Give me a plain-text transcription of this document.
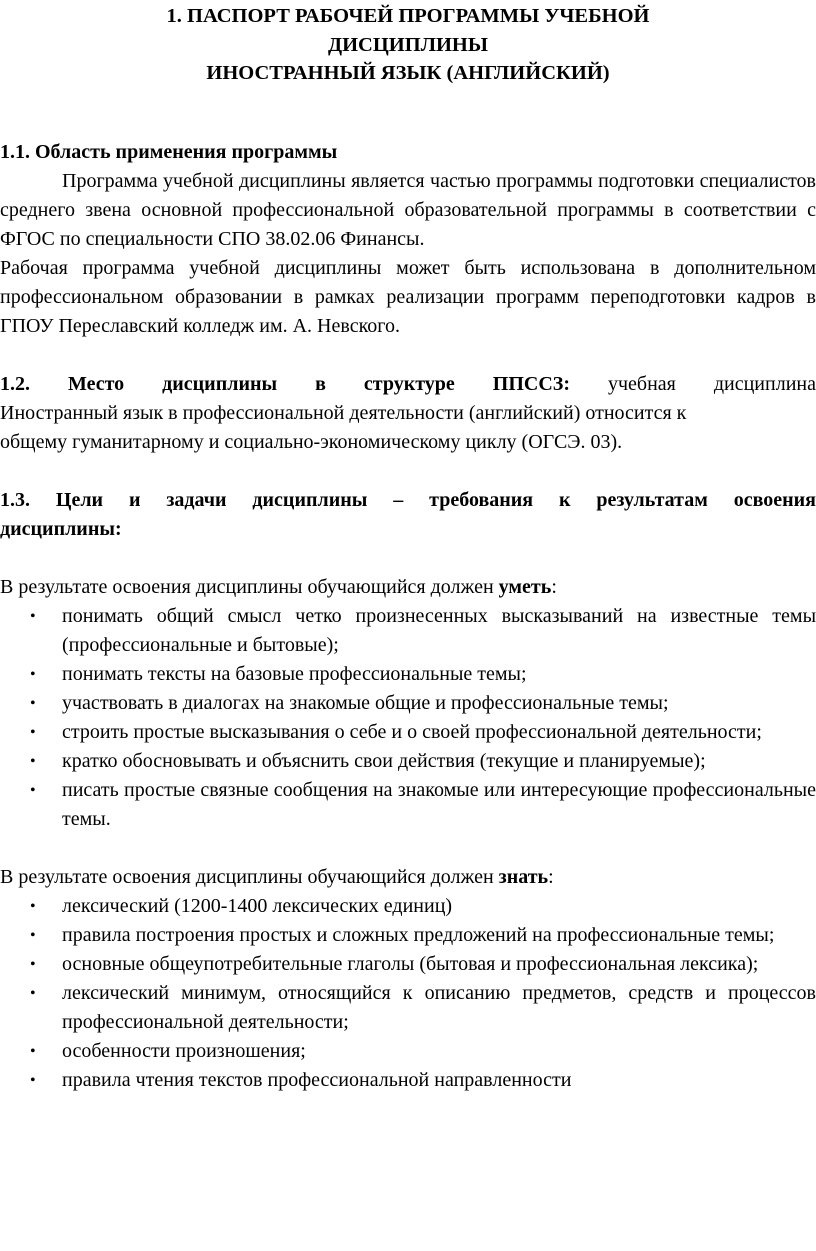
1. ПАСПОРТ РАБОЧЕЙ ПРОГРАММЫ УЧЕБНОЙ
ДИСЦИПЛИНЫ
ИНОСТРАННЫЙ ЯЗЫК (АНГЛИЙСКИЙ)
1.1. Область применения программы

Программа учебной дисциплины является частью программы подготовки специалистов среднего звена основной профессиональной образовательной программы в соответствии с ФГОС по специальности СПО 38.02.06 Финансы.

Рабочая программа учебной дисциплины может быть использована в дополнительном профессиональном образовании в рамках реализации программ переподготовки кадров в ГПОУ Переславский колледж им. А. Невского.

1.2. Место дисциплины в структуре ППССЗ: учебная дисциплина
Иностранный язык в профессиональной деятельности (английский) относится к
общему гуманитарному и социально-экономическому циклу (ОГСЭ. 03).
1.3. Цели и задачи дисциплины – требования к результатам освоения
дисциплины:
В результате освоения дисциплины обучающийся должен уметь:
• понимать общий смысл четко произнесенных высказываний на известные темы (профессиональные и бытовые);
• понимать тексты на базовые профессиональные темы;
• участвовать в диалогах на знакомые общие и профессиональные темы;
• строить простые высказывания о себе и о своей профессиональной деятельности;
• кратко обосновывать и объяснить свои действия (текущие и планируемые);
• писать простые связные сообщения на знакомые или интересующие профессиональные темы.
В результате освоения дисциплины обучающийся должен знать:
• лексический (1200-1400 лексических единиц)
• правила построения простых и сложных предложений на профессиональные темы;
• основные общеупотребительные глаголы (бытовая и профессиональная лексика);
• лексический минимум, относящийся к описанию предметов, средств и процессов профессиональной деятельности;
• особенности произношения;
• правила чтения текстов профессиональной направленности
